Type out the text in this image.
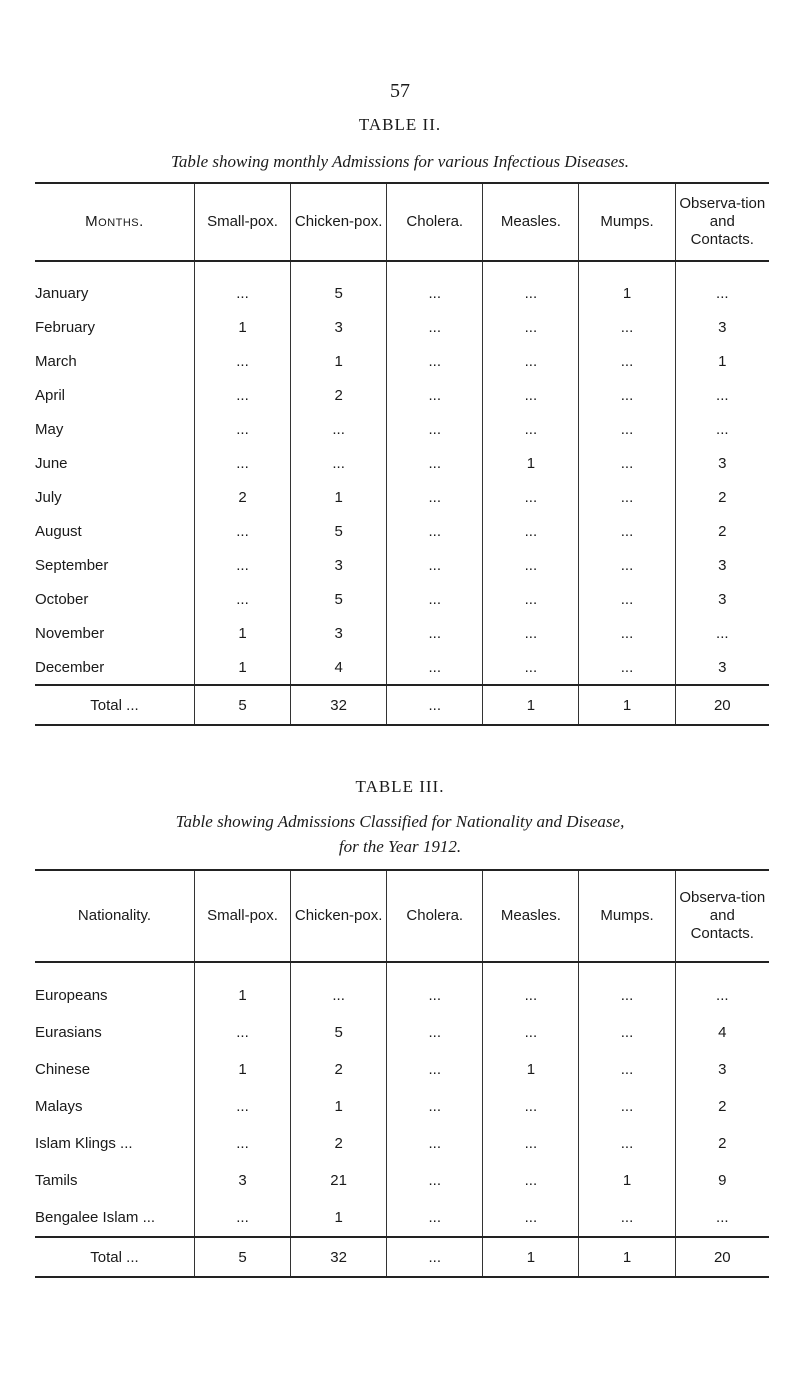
57
TABLE II.
Table showing monthly Admissions for various Infectious Diseases.
Months.	Small-pox.	Chicken-pox.	Cholera.	Measles.	Mumps.	Observa-tion and Contacts.

January	...	5	...	...	1	...
February	1	3	...	...	...	3
March	...	1	...	...	...	1
April	...	2	...	...	...	...
May	...	...	...	...	...	...
June	...	...	...	1	...	3
July	2	1	...	...	...	2
August	...	5	...	...	...	2
September	...	3	...	...	...	3
October	...	5	...	...	...	3
November	1	3	...	...	...	...
December	1	4	...	...	...	3
Total ...	5	32	...	1	1	20
TABLE III.
Table showing Admissions Classified for Nationality and Disease,
for the Year 1912.
Nationality.	Small-pox.	Chicken-pox.	Cholera.	Measles.	Mumps.	Observa-tion and Contacts.

Europeans	1	...	...	...	...	...
Eurasians	...	5	...	...	...	4
Chinese	1	2	...	1	...	3
Malays	...	1	...	...	...	2
Islam Klings ...	...	2	...	...	...	2
Tamils	3	21	...	...	1	9
Bengalee Islam ...	...	1	...	...	...	...
Total ...	5	32	...	1	1	20
